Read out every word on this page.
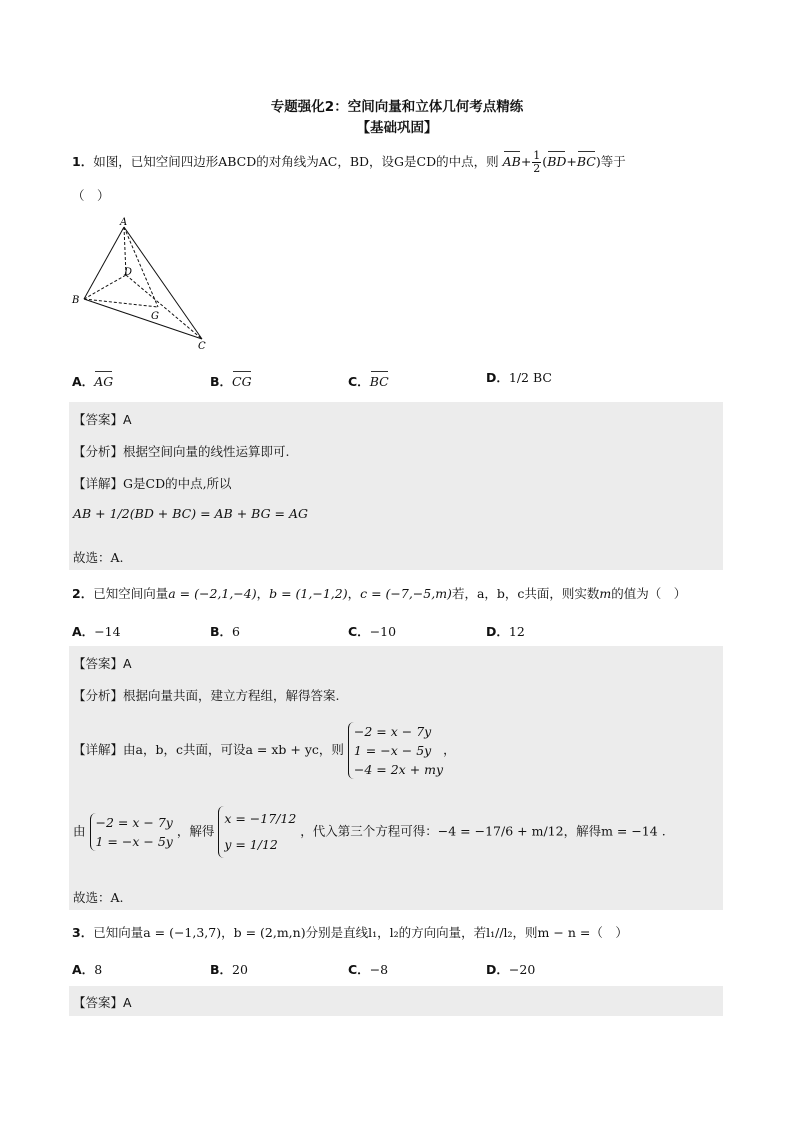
专题强化2：空间向量和立体几何考点精练
【基础巩固】
1．如图，已知空间四边形ABCD的对角线为AC，BD，设G是CD的中点，则 $AB+ \frac{1}{2} (BD+BC)$等于
（　）
A
B
C
D
G
A．AG	B．CG	C．BC	D．1/2 BC
【答案】A
【分析】根据空间向量的线性运算即可.
【详解】G是CD的中点,所以
AB + 1/2(BD + BC) = AB + BG = AG
故选：A.
2．已知空间向量a = (−2,1,−4)，b = (1,−1,2)，c = (−7,−5,m)若，a，b，c共面，则实数m的值为（　）
A．−14	B．6	C．−10	D．12
【答案】A
【分析】根据向量共面，建立方程组，解得答案.
【详解】由a，b，c共面，可设a = xb + yc，则
−2 = x − 7y
1 = −x − 5y
−4 = 2x + my
，
由
−2 = x − 7y
1 = −x − 5y
，解得
x = −17/12
y = 1/12
，代入第三个方程可得：−4 = −17/6 + m/12，解得m = −14 .
故选：A.
3．已知向量a = (−1,3,7)，b = (2,m,n)分别是直线l₁，l₂的方向向量，若l₁//l₂，则m − n =（　）
A．8	B．20	C．−8	D．−20
【答案】A
